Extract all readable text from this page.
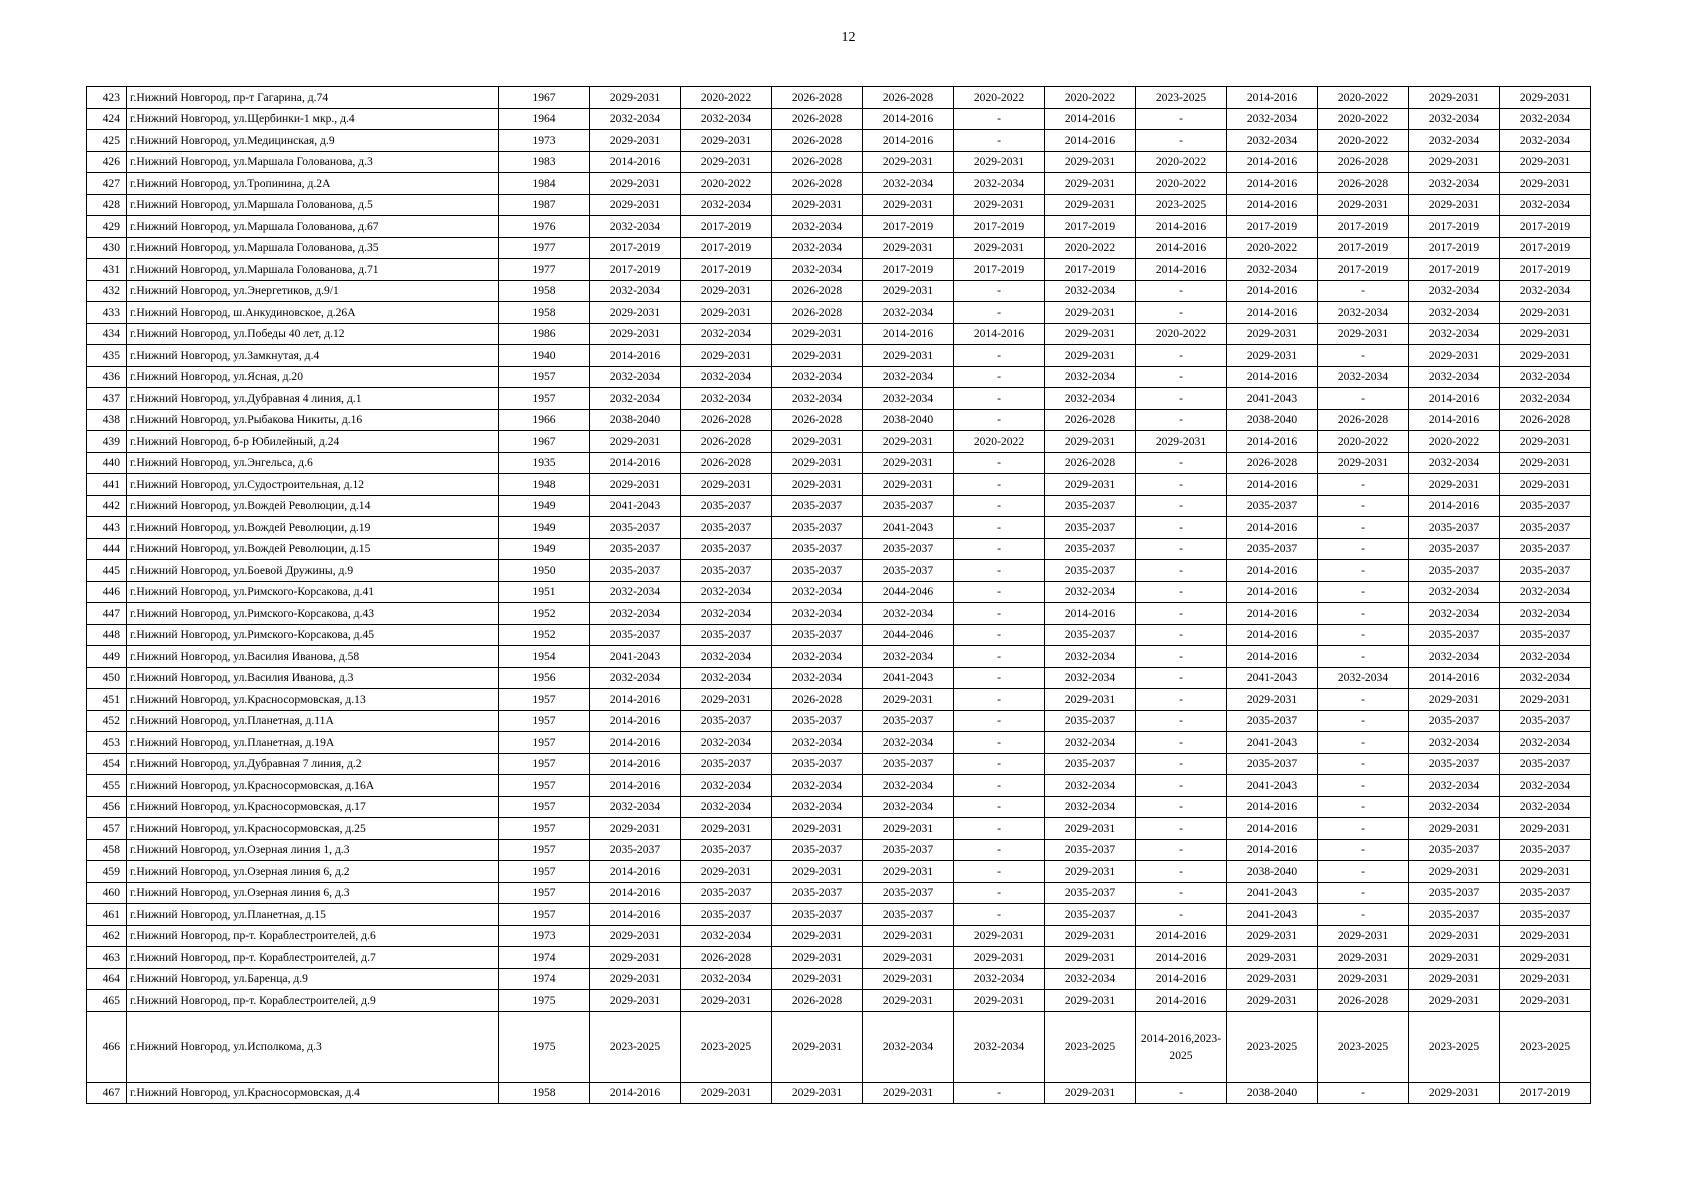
12
423	г.Нижний Новгород, пр-т Гагарина, д.74	1967	2029-2031	2020-2022	2026-2028	2026-2028	2020-2022	2020-2022	2023-2025	2014-2016	2020-2022	2029-2031	2029-2031
424	г.Нижний Новгород, ул.Щербинки-1 мкр., д.4	1964	2032-2034	2032-2034	2026-2028	2014-2016	-	2014-2016	-	2032-2034	2020-2022	2032-2034	2032-2034
425	г.Нижний Новгород, ул.Медицинская, д.9	1973	2029-2031	2029-2031	2026-2028	2014-2016	-	2014-2016	-	2032-2034	2020-2022	2032-2034	2032-2034
426	г.Нижний Новгород, ул.Маршала Голованова, д.3	1983	2014-2016	2029-2031	2026-2028	2029-2031	2029-2031	2029-2031	2020-2022	2014-2016	2026-2028	2029-2031	2029-2031
427	г.Нижний Новгород, ул.Тропинина, д.2А	1984	2029-2031	2020-2022	2026-2028	2032-2034	2032-2034	2029-2031	2020-2022	2014-2016	2026-2028	2032-2034	2029-2031
428	г.Нижний Новгород, ул.Маршала Голованова, д.5	1987	2029-2031	2032-2034	2029-2031	2029-2031	2029-2031	2029-2031	2023-2025	2014-2016	2029-2031	2029-2031	2032-2034
429	г.Нижний Новгород, ул.Маршала Голованова, д.67	1976	2032-2034	2017-2019	2032-2034	2017-2019	2017-2019	2017-2019	2014-2016	2017-2019	2017-2019	2017-2019	2017-2019
430	г.Нижний Новгород, ул.Маршала Голованова, д.35	1977	2017-2019	2017-2019	2032-2034	2029-2031	2029-2031	2020-2022	2014-2016	2020-2022	2017-2019	2017-2019	2017-2019
431	г.Нижний Новгород, ул.Маршала Голованова, д.71	1977	2017-2019	2017-2019	2032-2034	2017-2019	2017-2019	2017-2019	2014-2016	2032-2034	2017-2019	2017-2019	2017-2019
432	г.Нижний Новгород, ул.Энергетиков, д.9/1	1958	2032-2034	2029-2031	2026-2028	2029-2031	-	2032-2034	-	2014-2016	-	2032-2034	2032-2034
433	г.Нижний Новгород, ш.Анкудиновское, д.26А	1958	2029-2031	2029-2031	2026-2028	2032-2034	-	2029-2031	-	2014-2016	2032-2034	2032-2034	2029-2031
434	г.Нижний Новгород, ул.Победы 40 лет, д.12	1986	2029-2031	2032-2034	2029-2031	2014-2016	2014-2016	2029-2031	2020-2022	2029-2031	2029-2031	2032-2034	2029-2031
435	г.Нижний Новгород, ул.Замкнутая, д.4	1940	2014-2016	2029-2031	2029-2031	2029-2031	-	2029-2031	-	2029-2031	-	2029-2031	2029-2031
436	г.Нижний Новгород, ул.Ясная, д.20	1957	2032-2034	2032-2034	2032-2034	2032-2034	-	2032-2034	-	2014-2016	2032-2034	2032-2034	2032-2034
437	г.Нижний Новгород, ул.Дубравная 4 линия, д.1	1957	2032-2034	2032-2034	2032-2034	2032-2034	-	2032-2034	-	2041-2043	-	2014-2016	2032-2034
438	г.Нижний Новгород, ул.Рыбакова Никиты, д.16	1966	2038-2040	2026-2028	2026-2028	2038-2040	-	2026-2028	-	2038-2040	2026-2028	2014-2016	2026-2028
439	г.Нижний Новгород, б-р Юбилейный, д.24	1967	2029-2031	2026-2028	2029-2031	2029-2031	2020-2022	2029-2031	2029-2031	2014-2016	2020-2022	2020-2022	2029-2031
440	г.Нижний Новгород, ул.Энгельса, д.6	1935	2014-2016	2026-2028	2029-2031	2029-2031	-	2026-2028	-	2026-2028	2029-2031	2032-2034	2029-2031
441	г.Нижний Новгород, ул.Судостроительная, д.12	1948	2029-2031	2029-2031	2029-2031	2029-2031	-	2029-2031	-	2014-2016	-	2029-2031	2029-2031
442	г.Нижний Новгород, ул.Вождей Революции, д.14	1949	2041-2043	2035-2037	2035-2037	2035-2037	-	2035-2037	-	2035-2037	-	2014-2016	2035-2037
443	г.Нижний Новгород, ул.Вождей Революции, д.19	1949	2035-2037	2035-2037	2035-2037	2041-2043	-	2035-2037	-	2014-2016	-	2035-2037	2035-2037
444	г.Нижний Новгород, ул.Вождей Революции, д.15	1949	2035-2037	2035-2037	2035-2037	2035-2037	-	2035-2037	-	2035-2037	-	2035-2037	2035-2037
445	г.Нижний Новгород, ул.Боевой Дружины, д.9	1950	2035-2037	2035-2037	2035-2037	2035-2037	-	2035-2037	-	2014-2016	-	2035-2037	2035-2037
446	г.Нижний Новгород, ул.Римского-Корсакова, д.41	1951	2032-2034	2032-2034	2032-2034	2044-2046	-	2032-2034	-	2014-2016	-	2032-2034	2032-2034
447	г.Нижний Новгород, ул.Римского-Корсакова, д.43	1952	2032-2034	2032-2034	2032-2034	2032-2034	-	2014-2016	-	2014-2016	-	2032-2034	2032-2034
448	г.Нижний Новгород, ул.Римского-Корсакова, д.45	1952	2035-2037	2035-2037	2035-2037	2044-2046	-	2035-2037	-	2014-2016	-	2035-2037	2035-2037
449	г.Нижний Новгород, ул.Василия Иванова, д.58	1954	2041-2043	2032-2034	2032-2034	2032-2034	-	2032-2034	-	2014-2016	-	2032-2034	2032-2034
450	г.Нижний Новгород, ул.Василия Иванова, д.3	1956	2032-2034	2032-2034	2032-2034	2041-2043	-	2032-2034	-	2041-2043	2032-2034	2014-2016	2032-2034
451	г.Нижний Новгород, ул.Красносормовская, д.13	1957	2014-2016	2029-2031	2026-2028	2029-2031	-	2029-2031	-	2029-2031	-	2029-2031	2029-2031
452	г.Нижний Новгород, ул.Планетная, д.11А	1957	2014-2016	2035-2037	2035-2037	2035-2037	-	2035-2037	-	2035-2037	-	2035-2037	2035-2037
453	г.Нижний Новгород, ул.Планетная, д.19А	1957	2014-2016	2032-2034	2032-2034	2032-2034	-	2032-2034	-	2041-2043	-	2032-2034	2032-2034
454	г.Нижний Новгород, ул.Дубравная 7 линия, д.2	1957	2014-2016	2035-2037	2035-2037	2035-2037	-	2035-2037	-	2035-2037	-	2035-2037	2035-2037
455	г.Нижний Новгород, ул.Красносормовская, д.16А	1957	2014-2016	2032-2034	2032-2034	2032-2034	-	2032-2034	-	2041-2043	-	2032-2034	2032-2034
456	г.Нижний Новгород, ул.Красносормовская, д.17	1957	2032-2034	2032-2034	2032-2034	2032-2034	-	2032-2034	-	2014-2016	-	2032-2034	2032-2034
457	г.Нижний Новгород, ул.Красносормовская, д.25	1957	2029-2031	2029-2031	2029-2031	2029-2031	-	2029-2031	-	2014-2016	-	2029-2031	2029-2031
458	г.Нижний Новгород, ул.Озерная линия 1, д.3	1957	2035-2037	2035-2037	2035-2037	2035-2037	-	2035-2037	-	2014-2016	-	2035-2037	2035-2037
459	г.Нижний Новгород, ул.Озерная линия 6, д.2	1957	2014-2016	2029-2031	2029-2031	2029-2031	-	2029-2031	-	2038-2040	-	2029-2031	2029-2031
460	г.Нижний Новгород, ул.Озерная линия 6, д.3	1957	2014-2016	2035-2037	2035-2037	2035-2037	-	2035-2037	-	2041-2043	-	2035-2037	2035-2037
461	г.Нижний Новгород, ул.Планетная, д.15	1957	2014-2016	2035-2037	2035-2037	2035-2037	-	2035-2037	-	2041-2043	-	2035-2037	2035-2037
462	г.Нижний Новгород, пр-т. Кораблестроителей, д.6	1973	2029-2031	2032-2034	2029-2031	2029-2031	2029-2031	2029-2031	2014-2016	2029-2031	2029-2031	2029-2031	2029-2031
463	г.Нижний Новгород, пр-т. Кораблестроителей, д.7	1974	2029-2031	2026-2028	2029-2031	2029-2031	2029-2031	2029-2031	2014-2016	2029-2031	2029-2031	2029-2031	2029-2031
464	г.Нижний Новгород, ул.Баренца, д.9	1974	2029-2031	2032-2034	2029-2031	2029-2031	2032-2034	2032-2034	2014-2016	2029-2031	2029-2031	2029-2031	2029-2031
465	г.Нижний Новгород, пр-т. Кораблестроителей, д.9	1975	2029-2031	2029-2031	2026-2028	2029-2031	2029-2031	2029-2031	2014-2016	2029-2031	2026-2028	2029-2031	2029-2031
466	г.Нижний Новгород, ул.Исполкома, д.3	1975	2023-2025	2023-2025	2029-2031	2032-2034	2032-2034	2023-2025	2014-2016,2023-2025	2023-2025	2023-2025	2023-2025	2023-2025
467	г.Нижний Новгород, ул.Красносормовская, д.4	1958	2014-2016	2029-2031	2029-2031	2029-2031	-	2029-2031	-	2038-2040	-	2029-2031	2017-2019
